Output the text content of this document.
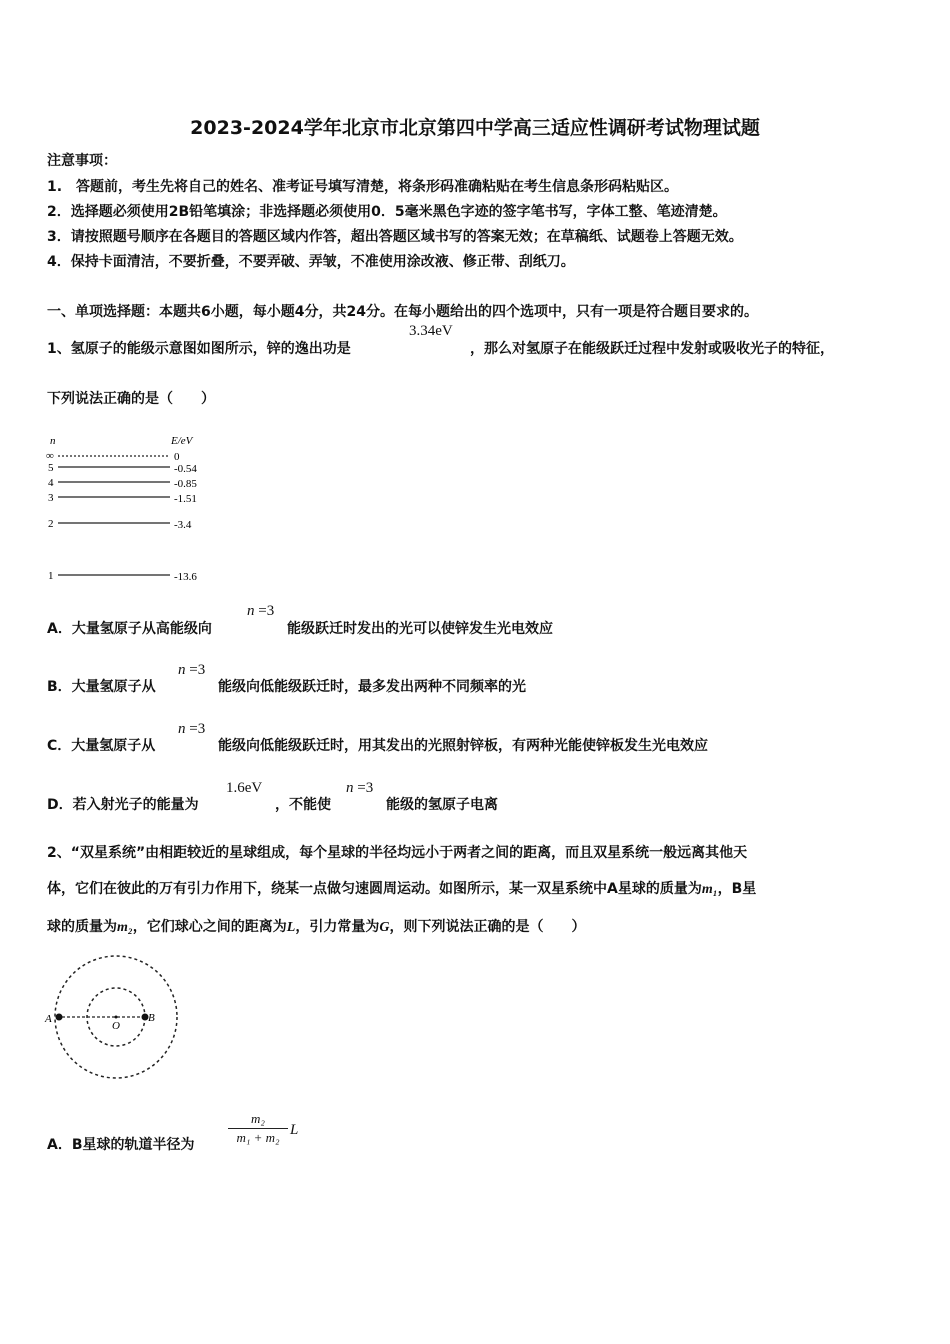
2023-2024学年北京市北京第四中学高三适应性调研考试物理试题
注意事项：
1.　答题前，考生先将自己的姓名、准考证号填写清楚，将条形码准确粘贴在考生信息条形码粘贴区。
2．选择题必须使用2B铅笔填涂；非选择题必须使用0．5毫米黑色字迹的签字笔书写，字体工整、笔迹清楚。
3．请按照题号顺序在各题目的答题区域内作答，超出答题区域书写的答案无效；在草稿纸、试题卷上答题无效。
4．保持卡面清洁，不要折叠，不要弄破、弄皱，不准使用涂改液、修正带、刮纸刀。
一、单项选择题：本题共6小题，每小题4分，共24分。在每小题给出的四个选项中，只有一项是符合题目要求的。
1、氢原子的能级示意图如图所示，锌的逸出功是
3.34eV
，那么对氢原子在能级跃迁过程中发射或吸收光子的特征，
下列说法正确的是（　　）
n	E/eV
∞	0
5	-0.54
4	-0.85
3	-1.51
2	-3.4
1	-13.6
A．大量氢原子从高能级向
n =3
能级跃迁时发出的光可以使锌发生光电效应
B．大量氢原子从
n =3
能级向低能级跃迁时，最多发出两种不同频率的光
C．大量氢原子从
n =3
能级向低能级跃迁时，用其发出的光照射锌板，有两种光能使锌板发生光电效应
D．若入射光子的能量为
1.6eV
，不能使
n =3
能级的氢原子电离
2、“双星系统”由相距较近的星球组成，每个星球的半径均远小于两者之间的距离，而且双星系统一般远离其他天
体，它们在彼此的万有引力作用下，绕某一点做匀速圆周运动。如图所示，某一双星系统中A星球的质量为m₁，B星
球的质量为m₂，它们球心之间的距离为L，引力常量为G，则下列说法正确的是（　　）
A
O
B
A．B星球的轨道半径为
m₂
m₁ + m₂ L
